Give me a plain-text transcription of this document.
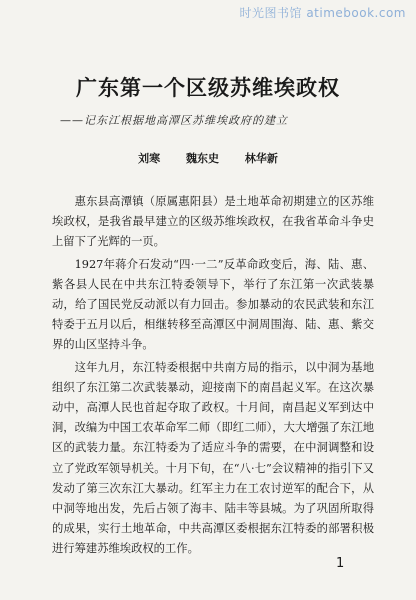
时光图书馆 atimebook.com
广东第一个区级苏维埃政权
——记东江根据地高潭区苏维埃政府的建立
刘寒 魏东史 林华新

惠东县高潭镇（原属惠阳县）是土地革命初期建立的区苏维埃政权，是我省最早建立的区级苏维埃政权，在我省革命斗争史上留下了光辉的一页。

1927年蒋介石发动“四·一二”反革命政变后，海、陆、惠、紫各县人民在中共东江特委领导下，举行了东江第一次武装暴动，给了国民党反动派以有力回击。参加暴动的农民武装和东江特委于五月以后，相继转移至高潭区中洞周围海、陆、惠、紫交界的山区坚持斗争。

这年九月，东江特委根据中共南方局的指示，以中洞为基地组织了东江第二次武装暴动，迎接南下的南昌起义军。在这次暴动中，高潭人民也首起夺取了政权。十月间，南昌起义军到达中洞，改编为中国工农革命军二师（即红二师），大大增强了东江地区的武装力量。东江特委为了适应斗争的需要，在中洞调整和设立了党政军领导机关。十月下旬，在“八·七”会议精神的指引下又发动了第三次东江大暴动。红军主力在工农讨逆军的配合下，从中洞等地出发，先后占领了海丰、陆丰等县城。为了巩固所取得的成果，实行土地革命，中共高潭区委根据东江特委的部署积极进行筹建苏维埃政权的工作。

1
